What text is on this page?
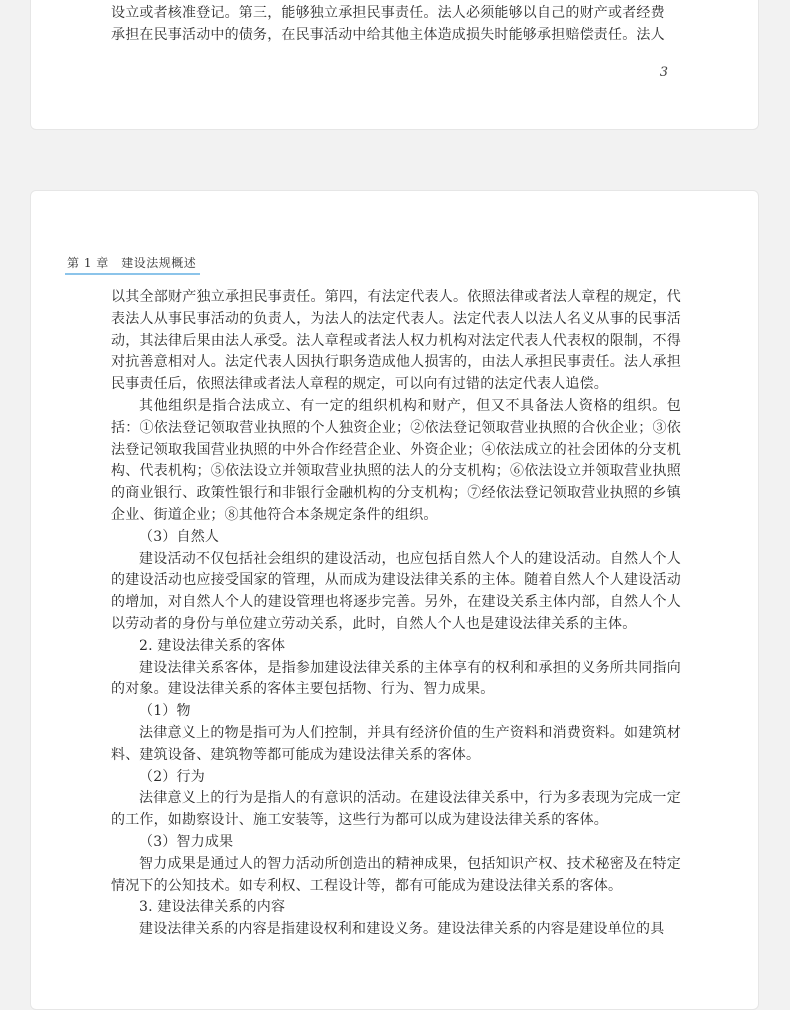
设立或者核准登记。第三，能够独立承担民事责任。法人必须能够以自己的财产或者经费

承担在民事活动中的债务，在民事活动中给其他主体造成损失时能够承担赔偿责任。法人

3
第 1 章　建设法规概述

以其全部财产独立承担民事责任。第四，有法定代表人。依照法律或者法人章程的规定，代表法人从事民事活动的负责人，为法人的法定代表人。法定代表人以法人名义从事的民事活动，其法律后果由法人承受。法人章程或者法人权力机构对法定代表人代表权的限制，不得对抗善意相对人。法定代表人因执行职务造成他人损害的，由法人承担民事责任。法人承担民事责任后，依照法律或者法人章程的规定，可以向有过错的法定代表人追偿。

其他组织是指合法成立、有一定的组织机构和财产，但又不具备法人资格的组织。包括：①依法登记领取营业执照的个人独资企业；②依法登记领取营业执照的合伙企业；③依法登记领取我国营业执照的中外合作经营企业、外资企业；④依法成立的社会团体的分支机构、代表机构；⑤依法设立并领取营业执照的法人的分支机构；⑥依法设立并领取营业执照的商业银行、政策性银行和非银行金融机构的分支机构；⑦经依法登记领取营业执照的乡镇企业、街道企业；⑧其他符合本条规定条件的组织。

（3）自然人

建设活动不仅包括社会组织的建设活动，也应包括自然人个人的建设活动。自然人个人的建设活动也应接受国家的管理，从而成为建设法律关系的主体。随着自然人个人建设活动的增加，对自然人个人的建设管理也将逐步完善。另外，在建设关系主体内部，自然人个人以劳动者的身份与单位建立劳动关系，此时，自然人个人也是建设法律关系的主体。

2. 建设法律关系的客体

建设法律关系客体，是指参加建设法律关系的主体享有的权利和承担的义务所共同指向的对象。建设法律关系的客体主要包括物、行为、智力成果。

（1）物

法律意义上的物是指可为人们控制，并具有经济价值的生产资料和消费资料。如建筑材料、建筑设备、建筑物等都可能成为建设法律关系的客体。

（2）行为

法律意义上的行为是指人的有意识的活动。在建设法律关系中，行为多表现为完成一定的工作，如勘察设计、施工安装等，这些行为都可以成为建设法律关系的客体。

（3）智力成果

智力成果是通过人的智力活动所创造出的精神成果，包括知识产权、技术秘密及在特定情况下的公知技术。如专利权、工程设计等，都有可能成为建设法律关系的客体。

3. 建设法律关系的内容

建设法律关系的内容是指建设权利和建设义务。建设法律关系的内容是建设单位的具
